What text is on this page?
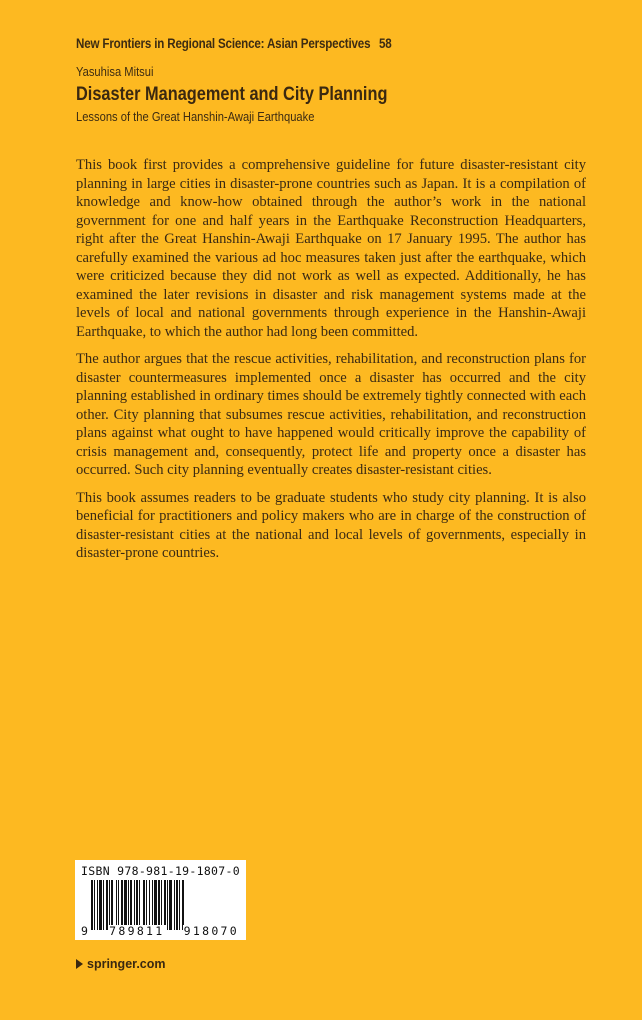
New Frontiers in Regional Science: Asian Perspectives 58
Yasuhisa Mitsui
Disaster Management and City Planning
Lessons of the Great Hanshin-Awaji Earthquake

This book first provides a comprehensive guideline for future disaster-resistant city planning in large cities in disaster-prone countries such as Japan. It is a compilation of knowledge and know-how obtained through the author’s work in the national government for one and half years in the Earthquake Reconstruction Headquarters, right after the Great Hanshin-Awaji Earthquake on 17 January 1995. The author has carefully examined the various ad hoc measures taken just after the earthquake, which were criticized because they did not work as well as expected. Additionally, he has examined the later revisions in disaster and risk management systems made at the levels of local and national governments through experience in the Hanshin-Awaji Earthquake, to which the author had long been committed.

The author argues that the rescue activities, rehabilitation, and reconstruction plans for disaster countermeasures implemented once a disaster has occurred and the city planning established in ordinary times should be extremely tightly connected with each other. City planning that subsumes rescue activities, rehabilitation, and reconstruction plans against what ought to have happened would critically improve the capability of crisis management and, consequently, protect life and property once a disaster has occurred. Such city planning eventually creates disaster-resistant cities.

This book assumes readers to be graduate students who study city planning. It is also beneficial for practitioners and policy makers who are in charge of the construction of disaster-resistant cities at the national and local levels of governments, especially in disaster-prone countries.

ISBN 978-981-19-1807-0
9 789811 918070
springer.com
